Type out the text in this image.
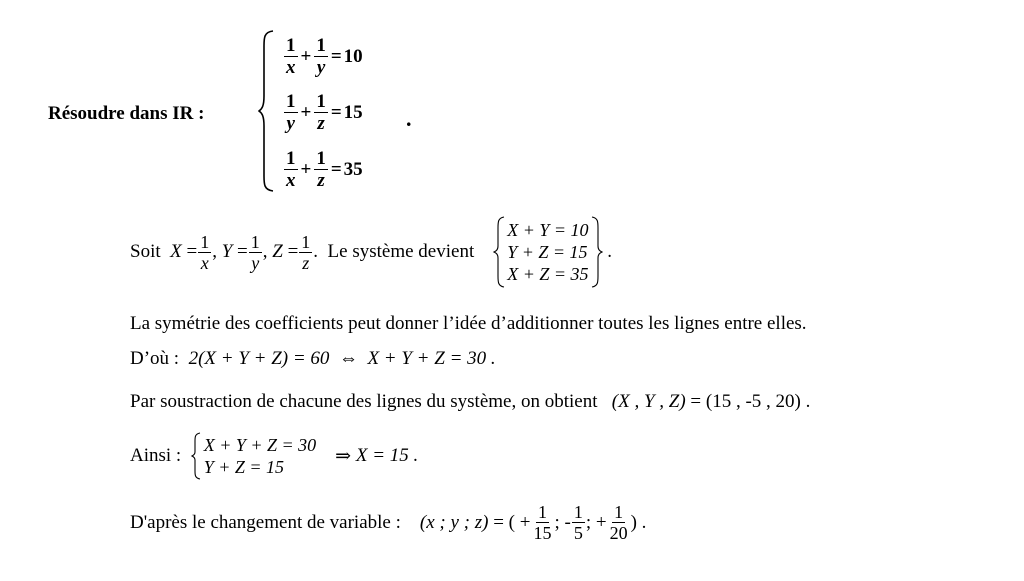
Résoudre dans IR :
$\frac{1}{x} + \frac{1}{y} = 10$
$\frac{1}{y} + \frac{1}{z} = 15$
$\frac{1}{x} + \frac{1}{z} = 35$
.
Soit
$X = \frac{1}{x}$ , $Y = \frac{1}{y}$ , $Z = \frac{1}{z}$ . Le système devient

X + Y = 10
Y + Z = 15
X + Z = 35
.
La symétrie des coefficients peut donner l’idée d’additionner toutes les lignes entre elles.
D’où :
2(X + Y + Z) = 60
⇔
X + Y + Z = 30 .
Par soustraction de chacune des lignes du système, on obtient
(X , Y , Z)
= (15 , -5 , 20) .
Ainsi :
X + Y + Z = 30
Y + Z = 15

⇒
X = 15 .
D'après le changement de variable :
(x ; y ; z)
= ( + $\frac{1}{15}$ ; - $\frac{1}{5}$ ; + $\frac{1}{20}$ ) .
